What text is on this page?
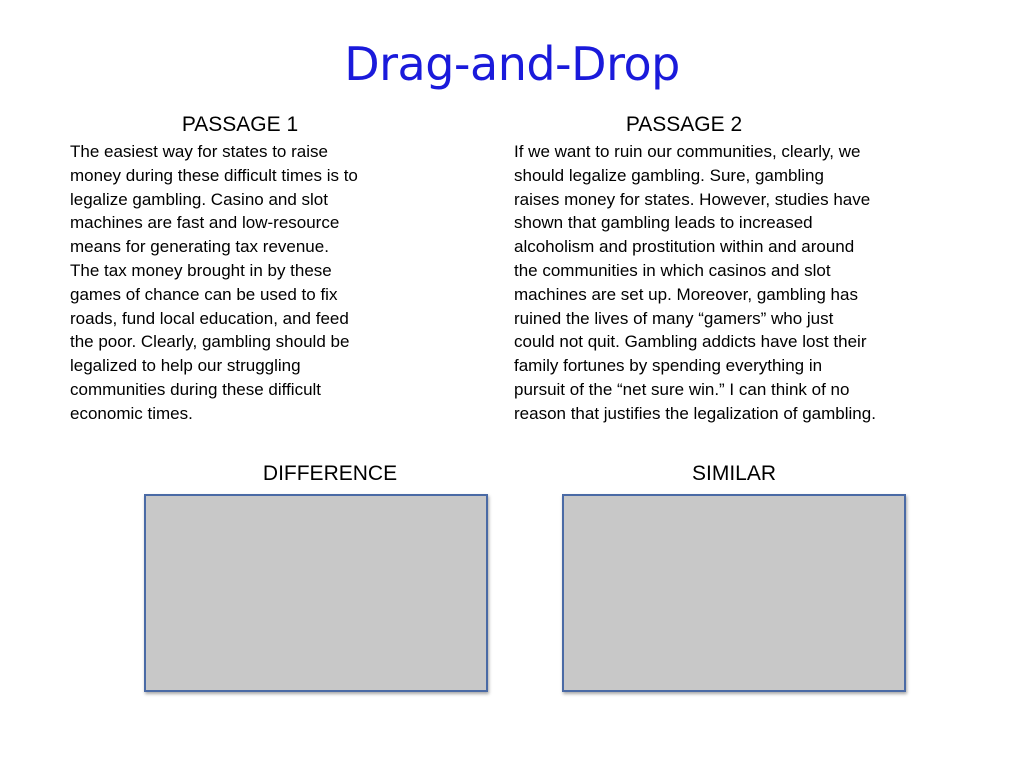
Drag-and-Drop
PASSAGE 1
The easiest way for states to raise
money during these difficult times is to
legalize gambling. Casino and slot
machines are fast and low-resource
means for generating tax revenue.
The tax money brought in by these
games of chance can be used to fix
roads, fund local education, and feed
the poor. Clearly, gambling should be
legalized to help our struggling
communities during these difficult
economic times.
PASSAGE 2
If we want to ruin our communities, clearly, we
should legalize gambling. Sure, gambling
raises money for states. However, studies have
shown that gambling leads to increased
alcoholism and prostitution within and around
the communities in which casinos and slot
machines are set up. Moreover, gambling has
ruined the lives of many “gamers” who just
could not quit. Gambling addicts have lost their
family fortunes by spending everything in
pursuit of the “net sure win.” I can think of no
reason that justifies the legalization of gambling.
DIFFERENCE	SIMILAR
